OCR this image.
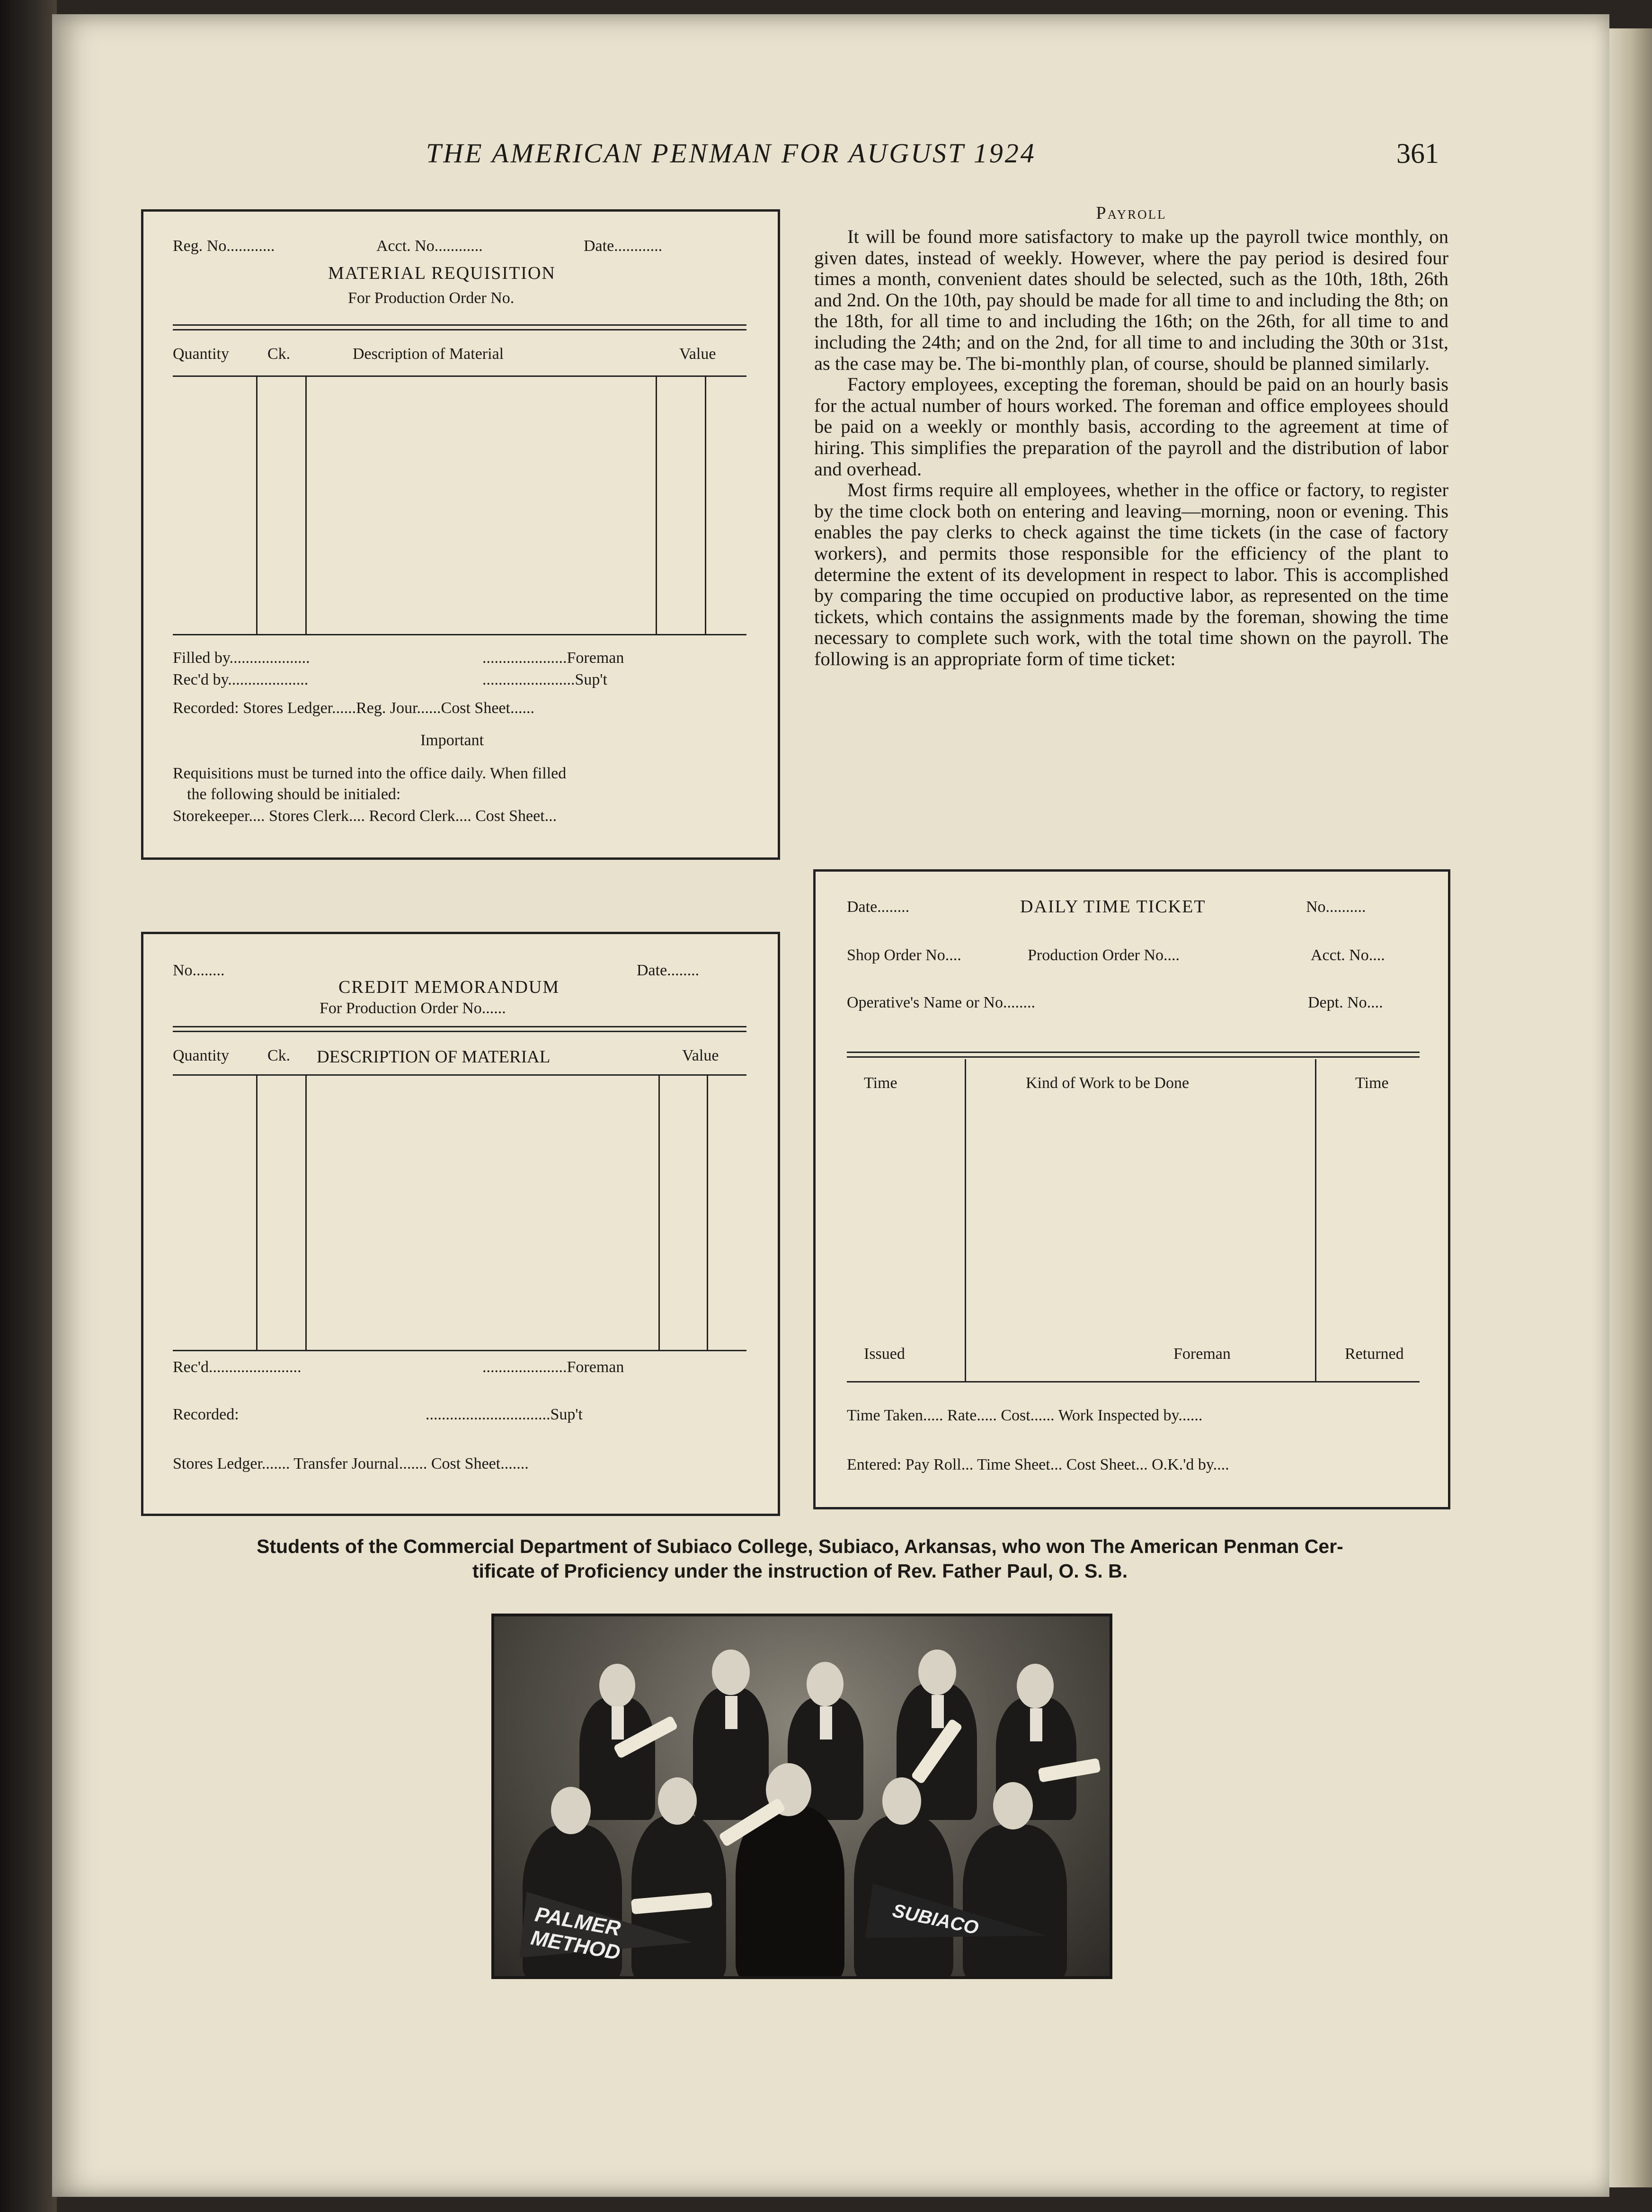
THE AMERICAN PENMAN FOR AUGUST 1924	361
Reg. No............	Acct. No............	Date............
MATERIAL REQUISITION
For Production Order No.
Quantity Ck.	Description of Material	Value
Filled by....................	.....................Foreman
Rec'd by....................	.......................Sup't
Recorded: Stores Ledger......Reg. Jour......Cost Sheet......
Important
Requisitions must be turned into the office daily. When filled
the following should be initialed:
Storekeeper.... Stores Clerk.... Record Clerk.... Cost Sheet...
No........	Date........
CREDIT MEMORANDUM
For Production Order No......
Quantity Ck. DESCRIPTION OF MATERIAL	Value
Rec'd.......................	.....................Foreman
Recorded:	...............................Sup't
Stores Ledger....... Transfer Journal....... Cost Sheet.......
Payroll

It will be found more satisfactory to make up the payroll twice monthly, on given dates, instead of weekly. However, where the pay period is desired four times a month, convenient dates should be selected, such as the 10th, 18th, 26th and 2nd. On the 10th, pay should be made for all time to and including the 8th; on the 18th, for all time to and including the 16th; on the 26th, for all time to and including the 24th; and on the 2nd, for all time to and including the 30th or 31st, as the case may be. The bi-monthly plan, of course, should be planned similarly.

Factory employees, excepting the foreman, should be paid on an hourly basis for the actual number of hours worked. The foreman and office employees should be paid on a weekly or monthly basis, according to the agreement at time of hiring. This simplifies the preparation of the payroll and the distribution of labor and overhead.

Most firms require all employees, whether in the office or factory, to register by the time clock both on entering and leaving—morning, noon or evening. This enables the pay clerks to check against the time tickets (in the case of factory workers), and permits those responsible for the efficiency of the plant to determine the extent of its development in respect to labor. This is accomplished by comparing the time occupied on productive labor, as represented on the time tickets, which contains the assignments made by the foreman, showing the time necessary to complete such work, with the total time shown on the payroll. The following is an appropriate form of time ticket:

Date........	DAILY TIME TICKET	No..........
Shop Order No....	Production Order No....	Acct. No....
Operative's Name or No........	Dept. No....
Time	Kind of Work to be Done	Time
Issued	Foreman	Returned
Time Taken..... Rate..... Cost...... Work Inspected by......
Entered: Pay Roll... Time Sheet... Cost Sheet... O.K.'d by....
Students of the Commercial Department of Subiaco College, Subiaco, Arkansas, who won The American Penman Cer-
tificate of Proficiency under the instruction of Rev. Father Paul, O. S. B.
PALMER METHOD
SUBIACO
